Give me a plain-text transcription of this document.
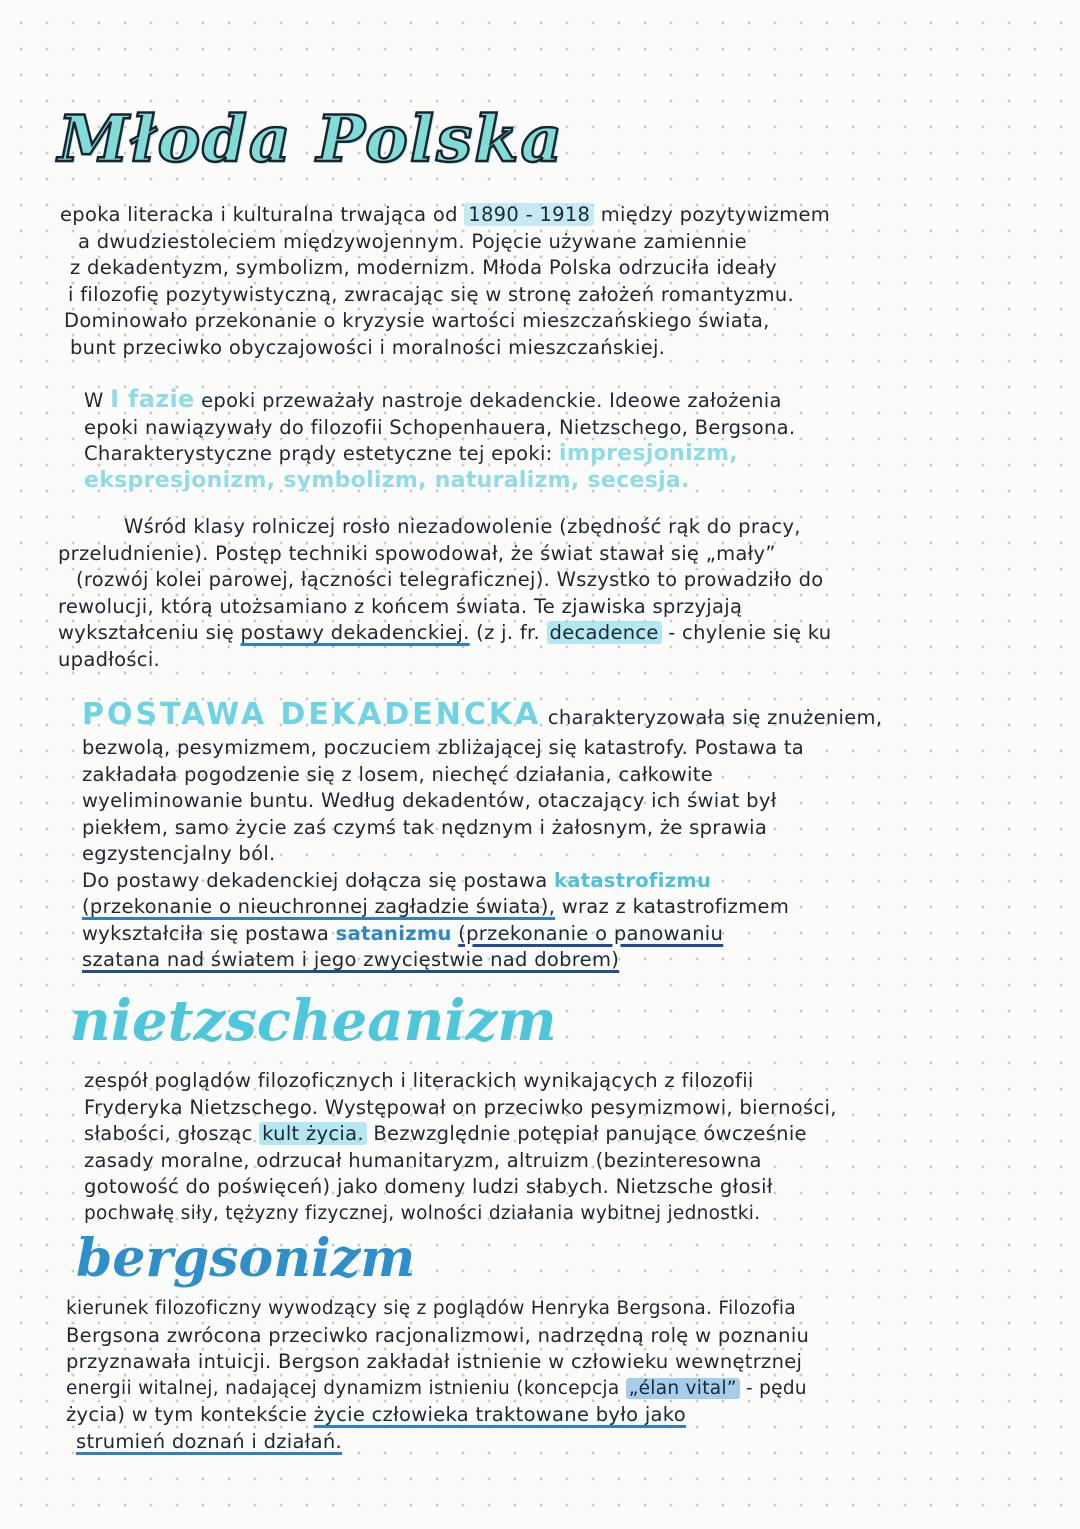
Młoda Polska
epoka literacka i kulturalna trwająca od 1890 - 1918 między pozytywizmem
a dwudziestoleciem międzywojennym. Pojęcie używane zamiennie
z dekadentyzm, symbolizm, modernizm. Młoda Polska odrzuciła ideały
i filozofię pozytywistyczną, zwracając się w stronę założeń romantyzmu.
Dominowało przekonanie o kryzysie wartości mieszczańskiego świata,
bunt przeciwko obyczajowości i moralności mieszczańskiej.
W I fazie epoki przeważały nastroje dekadenckie. Ideowe założenia
epoki nawiązywały do filozofii Schopenhauera, Nietzschego, Bergsona.
Charakterystyczne prądy estetyczne tej epoki: impresjonizm,
ekspresjonizm, symbolizm, naturalizm, secesja.
Wśród klasy rolniczej rosło niezadowolenie (zbędność rąk do pracy,
przeludnienie). Postęp techniki spowodował, że świat stawał się „mały”
(rozwój kolei parowej, łączności telegraficznej). Wszystko to prowadziło do
rewolucji, którą utożsamiano z końcem świata. Te zjawiska sprzyjają
wykształceniu się postawy dekadenckiej. (z j. fr. decadence - chylenie się ku
upadłości.
POSTAWA DEKADENCKA charakteryzowała się znużeniem,
bezwolą, pesymizmem, poczuciem zbliżającej się katastrofy. Postawa ta
zakładała pogodzenie się z losem, niechęć działania, całkowite
wyeliminowanie buntu. Według dekadentów, otaczający ich świat był
piekłem, samo życie zaś czymś tak nędznym i żałosnym, że sprawia
egzystencjalny ból.
Do postawy dekadenckiej dołącza się postawa katastrofizmu
(przekonanie o nieuchronnej zagładzie świata), wraz z katastrofizmem
wykształciła się postawa satanizmu (przekonanie o panowaniu
szatana nad światem i jego zwycięstwie nad dobrem)
nietzscheanizm
zespół poglądów filozoficznych i literackich wynikających z filozofii
Fryderyka Nietzschego. Występował on przeciwko pesymizmowi, bierności,
słabości, głosząc kult życia. Bezwzględnie potępiał panujące ówcześnie
zasady moralne, odrzucał humanitaryzm, altruizm (bezinteresowna
gotowość do poświęceń) jako domeny ludzi słabych. Nietzsche głosił
pochwałę siły, tężyzny fizycznej, wolności działania wybitnej jednostki.
bergsonizm
kierunek filozoficzny wywodzący się z poglądów Henryka Bergsona. Filozofia
Bergsona zwrócona przeciwko racjonalizmowi, nadrzędną rolę w poznaniu
przyznawała intuicji. Bergson zakładał istnienie w człowieku wewnętrznej
energii witalnej, nadającej dynamizm istnieniu (koncepcja „élan vital” - pędu
życia) w tym kontekście życie człowieka traktowane było jako
strumień doznań i działań.
